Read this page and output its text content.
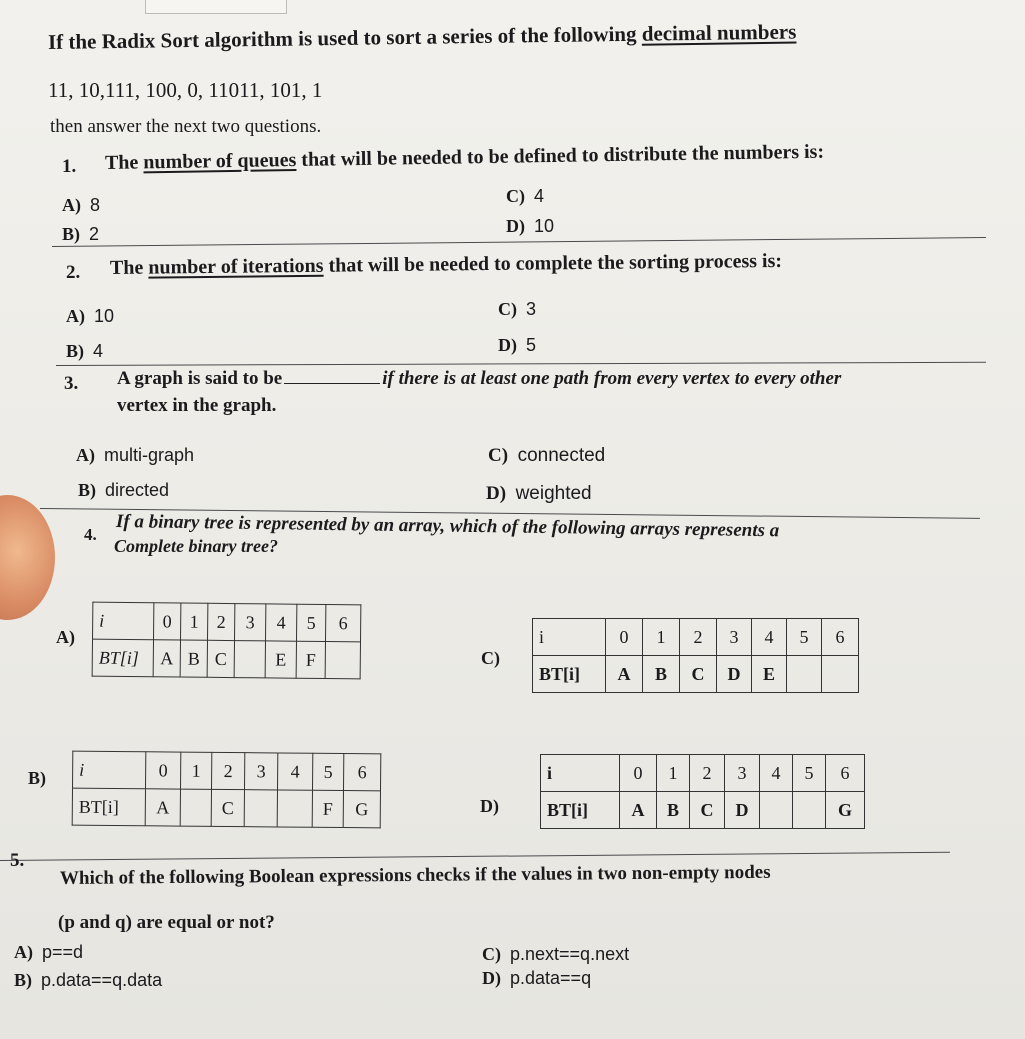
If the Radix Sort algorithm is used to sort a series of the following decimal numbers
11, 10,111, 100, 0, 11011, 101, 1
then answer the next two questions.
1. The number of queues that will be needed to be defined to distribute the numbers is:
A) 8
B) 2
C) 4
D) 10
2. The number of iterations that will be needed to complete the sorting process is:
A) 10
B) 4
C) 3
D) 5
3. A graph is said to be	if there is at least one path from every vertex to every other
vertex in the graph.
A) multi-graph
B) directed
C) connected
D) weighted
4. If a binary tree is represented by an array, which of the following arrays represents a
Complete binary tree?
A)
i	0	1	2	3	4	5	6
BT[i]	A	B	C		E	F		C)
i	0	1	2	3	4	5	6
BT[i]	A	B	C	D	E		
B) i	0	1	2	3	4	5	6
BT[i]	A		C			F	G	D)
i	0	1	2	3	4	5	6
BT[i]	A	B	C	D			G
5.
Which of the following Boolean expressions checks if the values in two non-empty nodes
(p and q) are equal or not?
A) p==d
B) p.data==q.data
C) p.next==q.next
D) p.data==q
